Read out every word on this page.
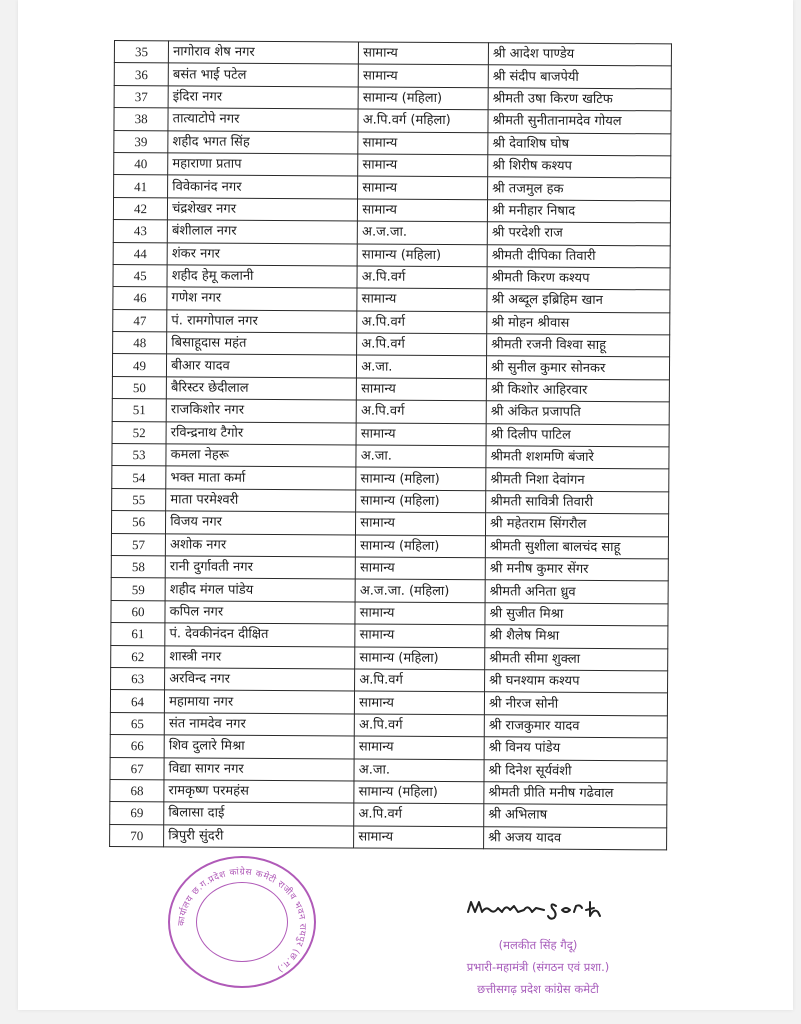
35	नागोराव शेष नगर	सामान्य	श्री आदेश पाण्डेय
36	बसंत भाई पटेल	सामान्य	श्री संदीप बाजपेयी
37	इंदिरा नगर	सामान्य (महिला)	श्रीमती उषा किरण खटिफ
38	तात्याटोपे नगर	अ.पि.वर्ग (महिला)	श्रीमती सुनीतानामदेव गोयल
39	शहीद भगत सिंह	सामान्य	श्री देवाशिष घोष
40	महाराणा प्रताप	सामान्य	श्री शिरीष कश्यप
41	विवेकानंद नगर	सामान्य	श्री तजमुल हक
42	चंद्रशेखर नगर	सामान्य	श्री मनीहार निषाद
43	बंशीलाल नगर	अ.ज.जा.	श्री परदेशी राज
44	शंकर नगर	सामान्य (महिला)	श्रीमती दीपिका तिवारी
45	शहीद हेमू कलानी	अ.पि.वर्ग	श्रीमती किरण कश्यप
46	गणेश नगर	सामान्य	श्री अब्दूल इब्रिहिम खान
47	पं. रामगोपाल नगर	अ.पि.वर्ग	श्री मोहन श्रीवास
48	बिसाहूदास महंत	अ.पि.वर्ग	श्रीमती रजनी विश्वा साहू
49	बीआर यादव	अ.जा.	श्री सुनील कुमार सोनकर
50	बैरिस्टर छेदीलाल	सामान्य	श्री किशोर आहिरवार
51	राजकिशोर नगर	अ.पि.वर्ग	श्री अंकित प्रजापति
52	रविन्द्रनाथ टैगोर	सामान्य	श्री दिलीप पाटिल
53	कमला नेहरू	अ.जा.	श्रीमती शशमणि बंजारे
54	भक्त माता कर्मा	सामान्य (महिला)	श्रीमती निशा देवांगन
55	माता परमेश्वरी	सामान्य (महिला)	श्रीमती सावित्री तिवारी
56	विजय नगर	सामान्य	श्री महेतराम सिंगरौल
57	अशोक नगर	सामान्य (महिला)	श्रीमती सुशीला बालचंद साहू
58	रानी दुर्गावती नगर	सामान्य	श्री मनीष कुमार सेंगर
59	शहीद मंगल पांडेय	अ.ज.जा. (महिला)	श्रीमती अनिता ध्रुव
60	कपिल नगर	सामान्य	श्री सुजीत मिश्रा
61	पं. देवकीनंदन दीक्षित	सामान्य	श्री शैलेष मिश्रा
62	शास्त्री नगर	सामान्य (महिला)	श्रीमती सीमा शुक्ला
63	अरविन्द नगर	अ.पि.वर्ग	श्री घनश्याम कश्यप
64	महामाया नगर	सामान्य	श्री नीरज सोनी
65	संत नामदेव नगर	अ.पि.वर्ग	श्री राजकुमार यादव
66	शिव दुलारे मिश्रा	सामान्य	श्री विनय पांडेय
67	विद्या सागर नगर	अ.जा.	श्री दिनेश सूर्यवंशी
68	रामकृष्ण परमहंस	सामान्य (महिला)	श्रीमती प्रीति मनीष गढेवाल
69	बिलासा दाई	अ.पि.वर्ग	श्री अभिलाष
70	त्रिपुरी सुंदरी	सामान्य	श्री अजय यादव
कार्यालय छ.ग.प्रदेश कांग्रेस कमेटी राजीव भवन रायपुर (छ.ग.)
(मलकीत सिंह गैदू)
प्रभारी-महामंत्री (संगठन एवं प्रशा.)
छत्तीसगढ़ प्रदेश कांग्रेस कमेटी
